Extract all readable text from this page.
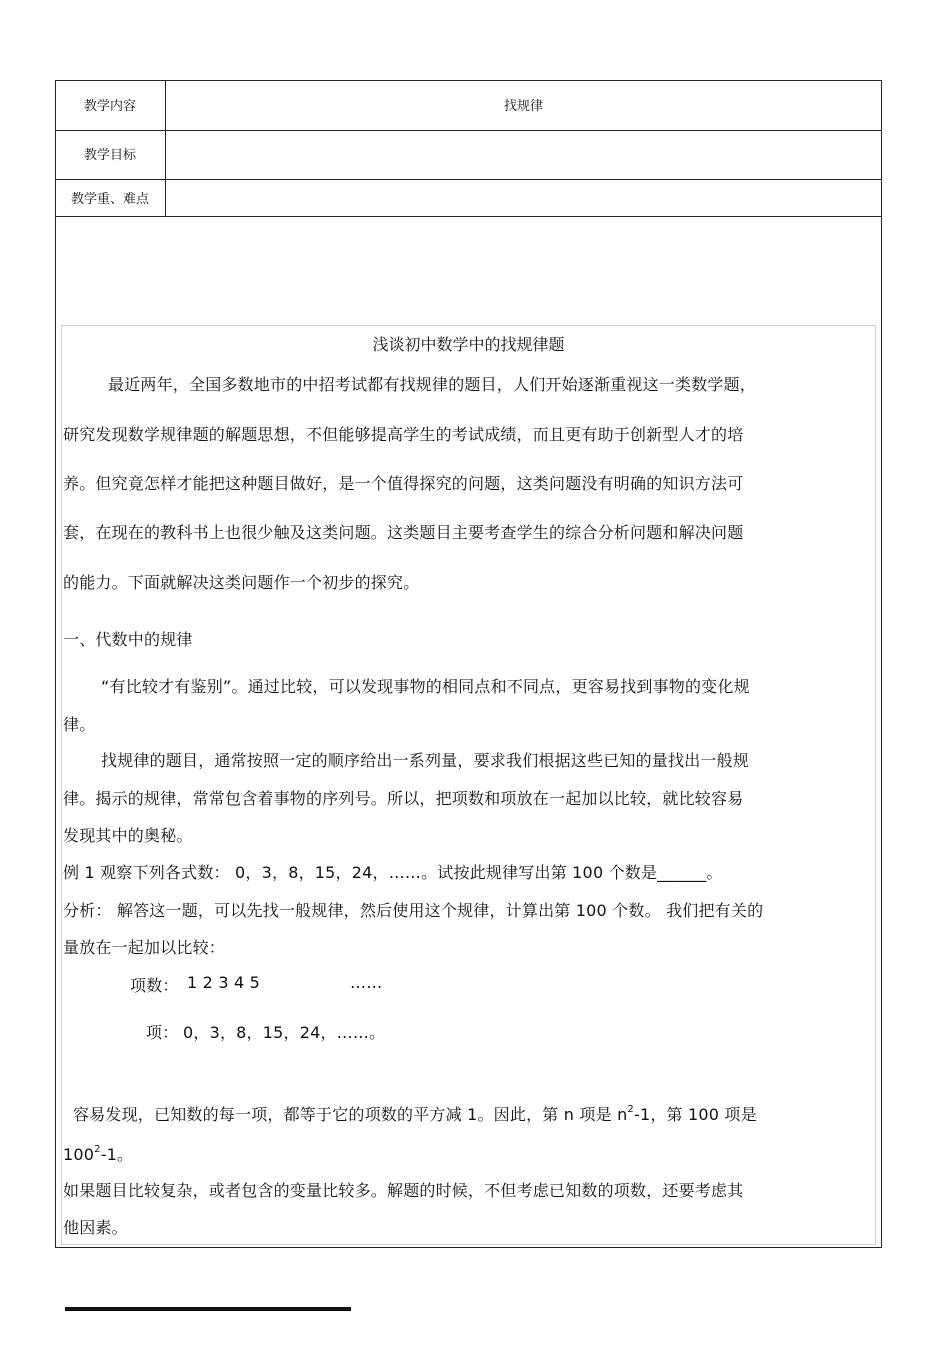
教学内容	找规律
教学目标
教学重、难点
浅谈初中数学中的找规律题
最近两年，全国多数地市的中招考试都有找规律的题目，人们开始逐渐重视这一类数学题，
研究发现数学规律题的解题思想，不但能够提高学生的考试成绩，而且更有助于创新型人才的培
养。但究竟怎样才能把这种题目做好，是一个值得探究的问题，这类问题没有明确的知识方法可
套，在现在的教科书上也很少触及这类问题。这类题目主要考查学生的综合分析问题和解决问题
的能力。下面就解决这类问题作一个初步的探究。
一、代数中的规律
“有比较才有鉴别”。通过比较，可以发现事物的相同点和不同点，更容易找到事物的变化规
律。
找规律的题目，通常按照一定的顺序给出一系列量，要求我们根据这些已知的量找出一般规
律。揭示的规律，常常包含着事物的序列号。所以，把项数和项放在一起加以比较，就比较容易
发现其中的奥秘。
例 1 观察下列各式数： 0，3，8，15，24，……。试按此规律写出第 100 个数是______。
分析： 解答这一题，可以先找一般规律，然后使用这个规律，计算出第 100 个数。 我们把有关的
量放在一起加以比较：
项数： 1 2 3 4 5	……
项： 0，3，8，15，24，……。
容易发现，已知数的每一项，都等于它的项数的平方减 1。因此，第 n 项是 $n^2-1$，第 100 项是
$100^2-1$。
如果题目比较复杂，或者包含的变量比较多。解题的时候，不但考虑已知数的项数，还要考虑其
他因素。
